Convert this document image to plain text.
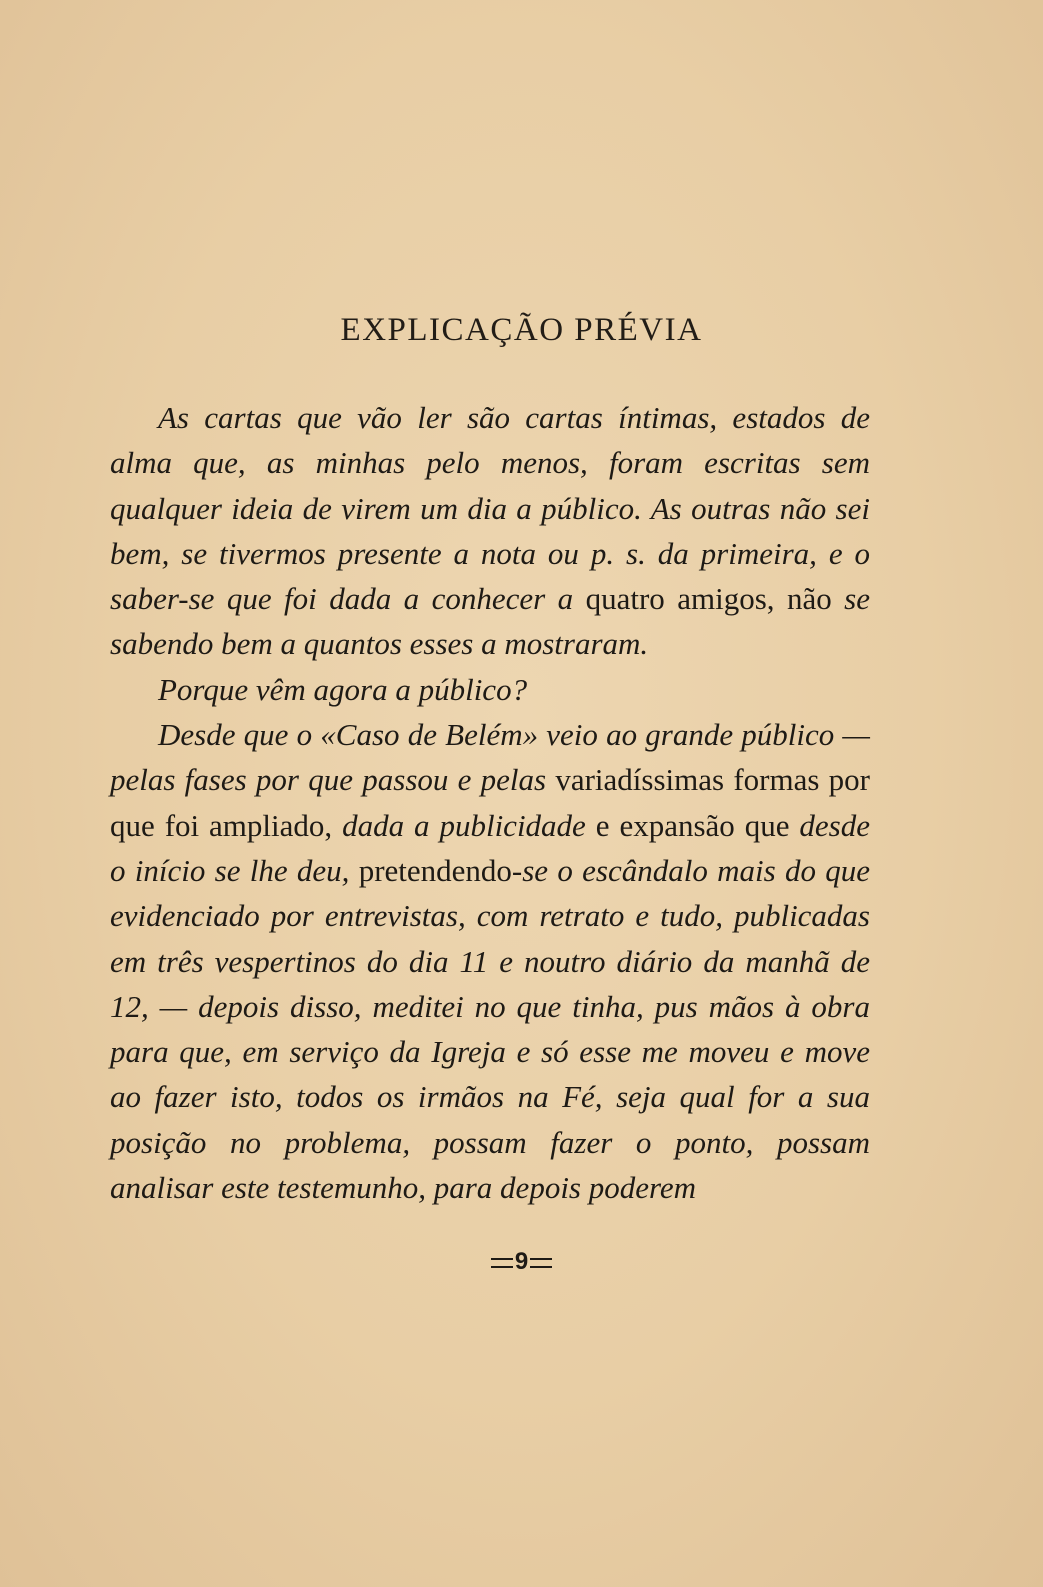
EXPLICAÇÃO PRÉVIA

As cartas que vão ler são cartas íntimas, estados de alma que, as minhas pelo menos, foram escritas sem qualquer ideia de virem um dia a público. As outras não sei bem, se tivermos presente a nota ou p. s. da primeira, e o saber-se que foi dada a conhecer a quatro amigos, não se sabendo bem a quantos esses a mostraram.

Porque vêm agora a público?

Desde que o «Caso de Belém» veio ao grande público — pelas fases por que passou e pelas variadíssimas formas por que foi ampliado, dada a publicidade e expansão que desde o início se lhe deu, pretendendo-se o escândalo mais do que evidenciado por entrevistas, com retrato e tudo, publicadas em três vespertinos do dia 11 e noutro diário da manhã de 12, — depois disso, meditei no que tinha, pus mãos à obra para que, em serviço da Igreja e só esse me moveu e move ao fazer isto, todos os irmãos na Fé, seja qual for a sua posição no problema, possam fazer o ponto, possam analisar este testemunho, para depois poderem

9
